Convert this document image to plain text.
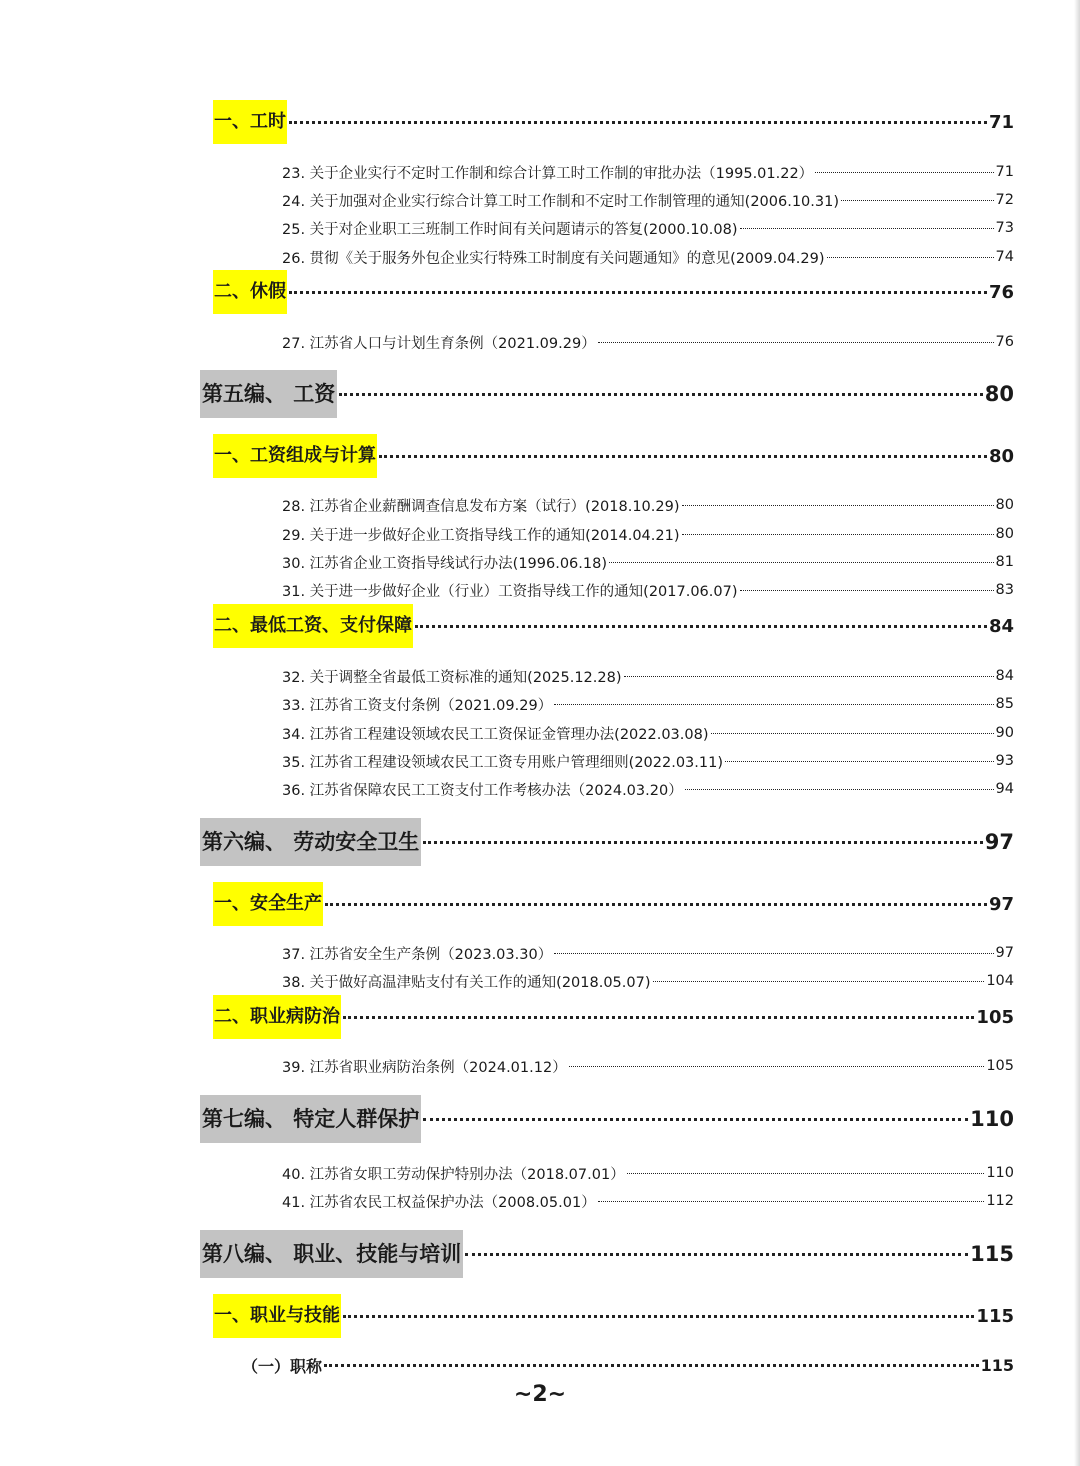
一、工时	71
23. 关于企业实行不定时工作制和综合计算工时工作制的审批办法（1995.01.22）	71
24. 关于加强对企业实行综合计算工时工作制和不定时工作制管理的通知(2006.10.31)	72
25. 关于对企业职工三班制工作时间有关问题请示的答复(2000.10.08)	73
26. 贯彻《关于服务外包企业实行特殊工时制度有关问题通知》的意见(2009.04.29)	74
二、休假	76
27. 江苏省人口与计划生育条例（2021.09.29）	76
第五编、 工资	80
一、工资组成与计算	80
28. 江苏省企业薪酬调查信息发布方案（试行）(2018.10.29)	80
29. 关于进一步做好企业工资指导线工作的通知(2014.04.21)	80
30. 江苏省企业工资指导线试行办法(1996.06.18)	81
31. 关于进一步做好企业（行业）工资指导线工作的通知(2017.06.07)	83
二、最低工资、支付保障	84
32. 关于调整全省最低工资标准的通知(2025.12.28)	84
33. 江苏省工资支付条例（2021.09.29）	85
34. 江苏省工程建设领域农民工工资保证金管理办法(2022.03.08)	90
35. 江苏省工程建设领域农民工工资专用账户管理细则(2022.03.11)	93
36. 江苏省保障农民工工资支付工作考核办法（2024.03.20）	94
第六编、 劳动安全卫生	97
一、安全生产	97
37. 江苏省安全生产条例（2023.03.30）	97
38. 关于做好高温津贴支付有关工作的通知(2018.05.07)	104
二、职业病防治	105
39. 江苏省职业病防治条例（2024.01.12）	105
第七编、 特定人群保护	110
40. 江苏省女职工劳动保护特别办法（2018.07.01）	110
41. 江苏省农民工权益保护办法（2008.05.01）	112
第八编、 职业、技能与培训	115
一、职业与技能	115
（一）职称	115
~2~
